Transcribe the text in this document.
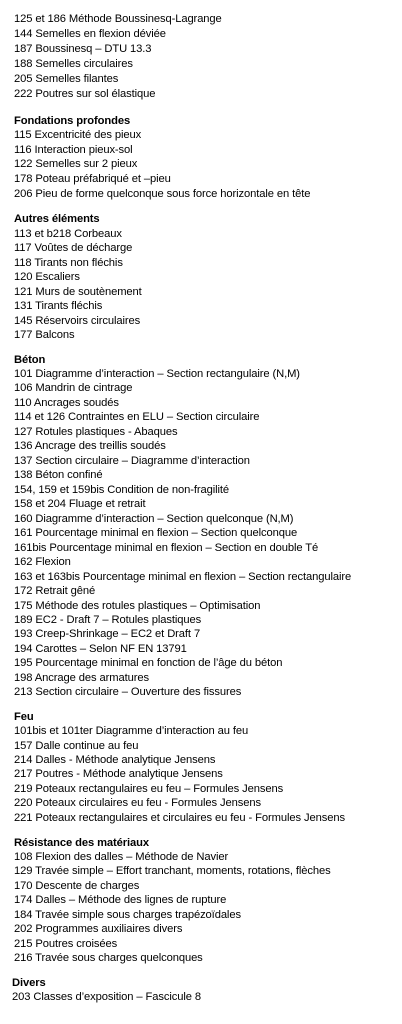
125 et 186 Méthode Boussinesq-Lagrange
144 Semelles en flexion déviée
187 Boussinesq – DTU 13.3
188 Semelles circulaires
205 Semelles filantes
222 Poutres sur sol élastique
Fondations profondes
115 Excentricité des pieux
116 Interaction pieux-sol
122 Semelles sur 2 pieux
178 Poteau préfabriqué et –pieu
206 Pieu de forme quelconque sous force horizontale en tête
Autres éléments
113 et b218 Corbeaux
117 Voûtes de décharge
118 Tirants non fléchis
120 Escaliers
121 Murs de soutènement
131 Tirants fléchis
145 Réservoirs circulaires
177 Balcons
Béton
101 Diagramme d’interaction – Section rectangulaire (N,M)
106 Mandrin de cintrage
110 Ancrages soudés
114 et 126 Contraintes en ELU – Section circulaire
127 Rotules plastiques - Abaques
136 Ancrage des treillis soudés
137 Section circulaire – Diagramme d’interaction
138 Béton confiné
154, 159 et 159bis Condition de non-fragilité
158 et 204 Fluage et retrait
160 Diagramme d’interaction – Section quelconque (N,M)
161 Pourcentage minimal en flexion – Section quelconque
161bis Pourcentage minimal en flexion – Section en double Té
162 Flexion
163 et 163bis Pourcentage minimal en flexion – Section rectangulaire
172 Retrait gêné
175 Méthode des rotules plastiques – Optimisation
189 EC2 - Draft 7 – Rotules plastiques
193 Creep-Shrinkage – EC2 et Draft 7
194 Carottes – Selon NF EN 13791
195 Pourcentage minimal en fonction de l’âge du béton
198 Ancrage des armatures
213 Section circulaire – Ouverture des fissures
Feu
101bis et 101ter Diagramme d’interaction au feu
157 Dalle continue au feu
214 Dalles - Méthode analytique Jensens
217 Poutres - Méthode analytique Jensens
219 Poteaux rectangulaires eu feu – Formules Jensens
220 Poteaux circulaires eu feu - Formules Jensens
221 Poteaux rectangulaires et circulaires eu feu - Formules Jensens
Résistance des matériaux
108 Flexion des dalles – Méthode de Navier
129 Travée simple – Effort tranchant, moments, rotations, flèches
170 Descente de charges
174 Dalles – Méthode des lignes de rupture
184 Travée simple sous charges trapézoïdales
202 Programmes auxiliaires divers
215 Poutres croisées
216 Travée sous charges quelconques
Divers
203 Classes d’exposition – Fascicule 8
